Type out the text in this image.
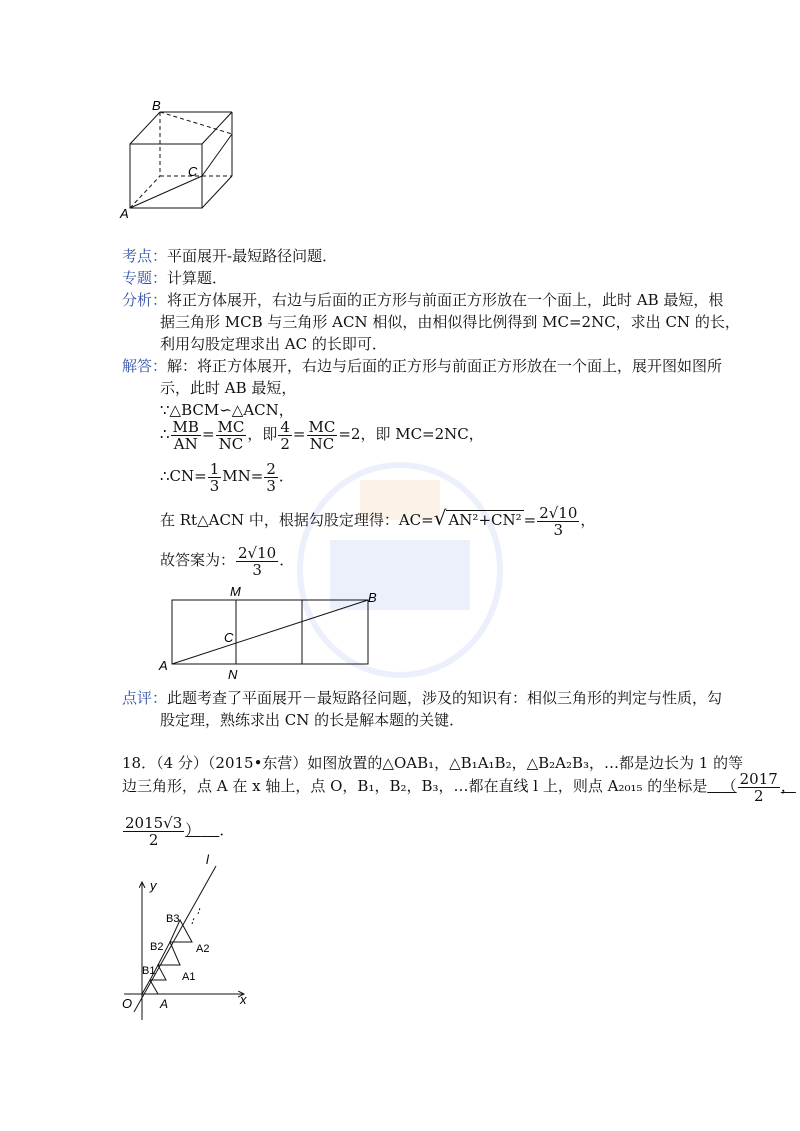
B
C
A
考点：平面展开-最短路径问题．
专题：计算题．
分析：将正方体展开，右边与后面的正方形与前面正方形放在一个面上，此时 AB 最短，根
据三角形 MCB 与三角形 ACN 相似，由相似得比例得到 MC=2NC，求出 CN 的长，
利用勾股定理求出 AC 的长即可．
解答：解：将正方体展开，右边与后面的正方形与前面正方形放在一个面上，展开图如图所
示，此时 AB 最短，
∵△BCM∽△ACN，
∴ $\frac{MB}{AN} = \frac{MC}{NC}$ ，即 $\frac{4}{2} = \frac{MC}{NC} =2$，即 MC=2NC，
∴CN= $\frac{1}{3} MN= \frac{2}{3}$ ．
在 Rt△ACN 中，根据勾股定理得：AC=√ $AN^2+CN^2 = \frac{2√10}{3}$ ，
故答案为： $\frac{2√10}{3}$ ．
M	B
C
A
N
点评：此题考查了平面展开－最短路径问题，涉及的知识有：相似三角形的判定与性质，勾
股定理，熟练求出 CN 的长是解本题的关键．
18．（4 分）（2015•东营）如图放置的△OAB₁，△B₁A₁B₂，△B₂A₂B₃，…都是边长为 1 的等
边三角形，点 A 在 x 轴上，点 O，B₁，B₂，B₃，…都在直线 l 上，则点 A₂₀₁₅ 的坐标是 （ $\frac{2017}{2}$ ，
$\frac{2015√3}{2}$ ） ．
l
y
x
O A
B1
B2
B3
A1
A2
